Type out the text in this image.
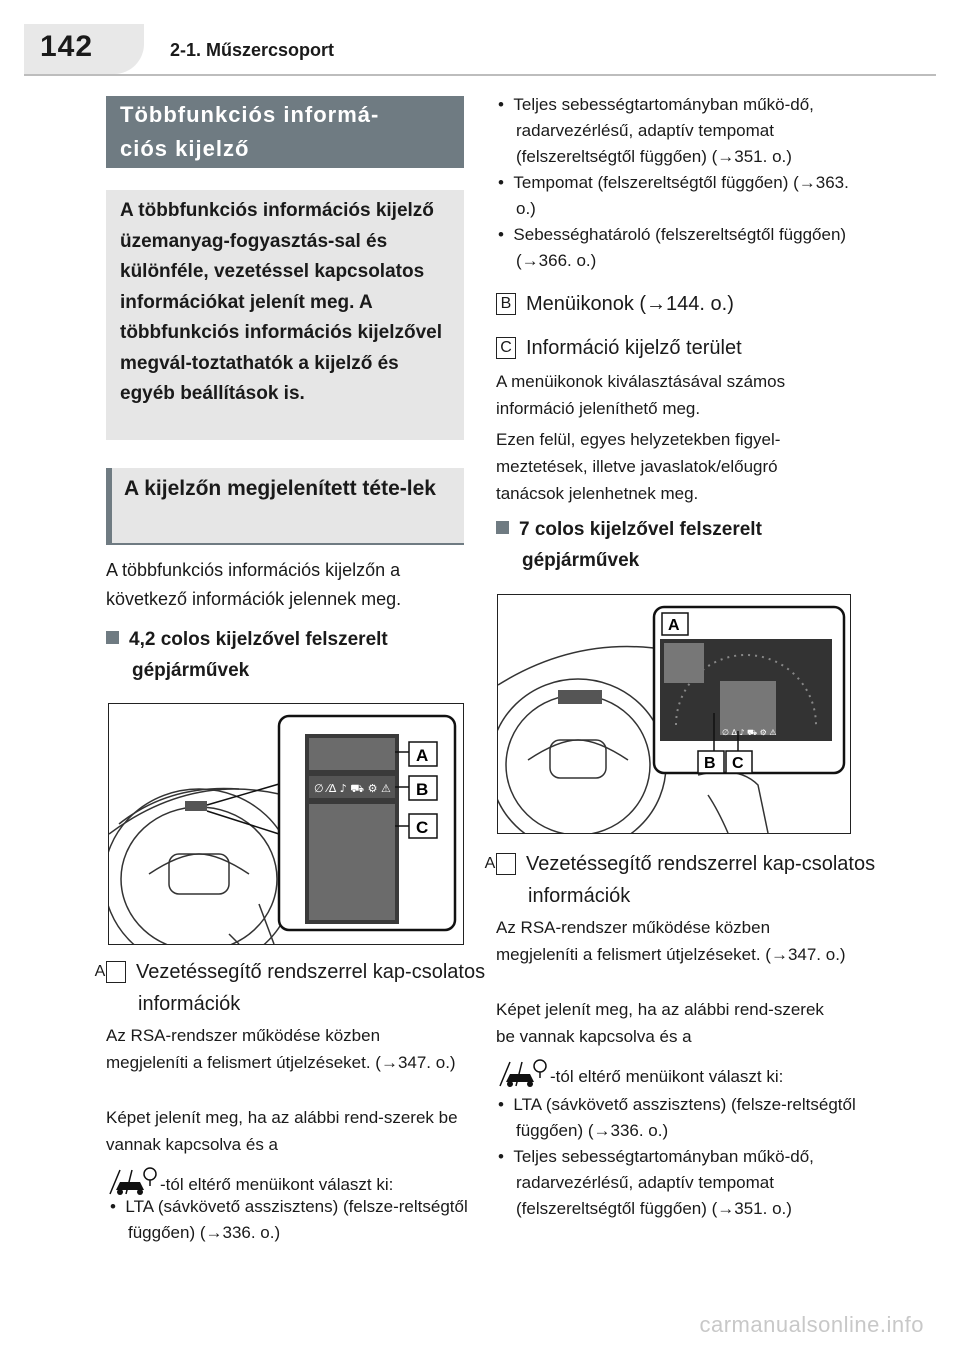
142	2-1. Műszercsoport
Többfunkciós informá-
ciós kijelző
A többfunkciós információs kijelző üzemanyag-fogyasztás-sal és különféle, vezetéssel kapcsolatos információkat jelenít meg. A többfunkciós információs kijelzővel megvál-toztathatók a kijelző és egyéb beállítások is.
A kijelzőn megjelenített téte-lek
A többfunkciós információs kijelzőn a következő információk jelennek meg.
4,2 colos kijelzővel felszerelt gépjárművek
∅ ⁄∆ ♪ ⛟ ⚙ ⚠
A
B
C
A Vezetéssegítő rendszerrel kap-csolatos információk
Az RSA-rendszer működése közben megjeleníti a felismert útjelzéseket. (→347. o.)
Képet jelenít meg, ha az alábbi rend-szerek be vannak kapcsolva és a
-tól eltérő menüikont választ ki:
•  LTA (sávkövető asszisztens) (felsze-reltségtől függően) (→336. o.)
•  Teljes sebességtartományban műkö-dő, radarvezérlésű, adaptív tempomat (felszereltségtől függően) (→351. o.)
•  Tempomat (felszereltségtől függően) (→363. o.)
•  Sebességhatároló (felszereltségtől függően) (→366. o.)
B Menüikonok (→144. o.)
C Információ kijelző terület
A menüikonok kiválasztásával számos információ jeleníthető meg.
Ezen felül, egyes helyzetekben figyel-meztetések, illetve javaslatok/előugró tanácsok jelenhetnek meg.
7 colos kijelzővel felszerelt gépjárművek
∅ ∆ ♪ ⛟ ⚙ ⚠
A
B C
A Vezetéssegítő rendszerrel kap-csolatos információk
Az RSA-rendszer működése közben megjeleníti a felismert útjelzéseket. (→347. o.)
Képet jelenít meg, ha az alábbi rend-szerek be vannak kapcsolva és a
-tól eltérő menüikont választ ki:
•  LTA (sávkövető asszisztens) (felsze-reltségtől függően) (→336. o.)
•  Teljes sebességtartományban műkö-dő, radarvezérlésű, adaptív tempomat (felszereltségtől függően) (→351. o.)
carmanualsonline.info
